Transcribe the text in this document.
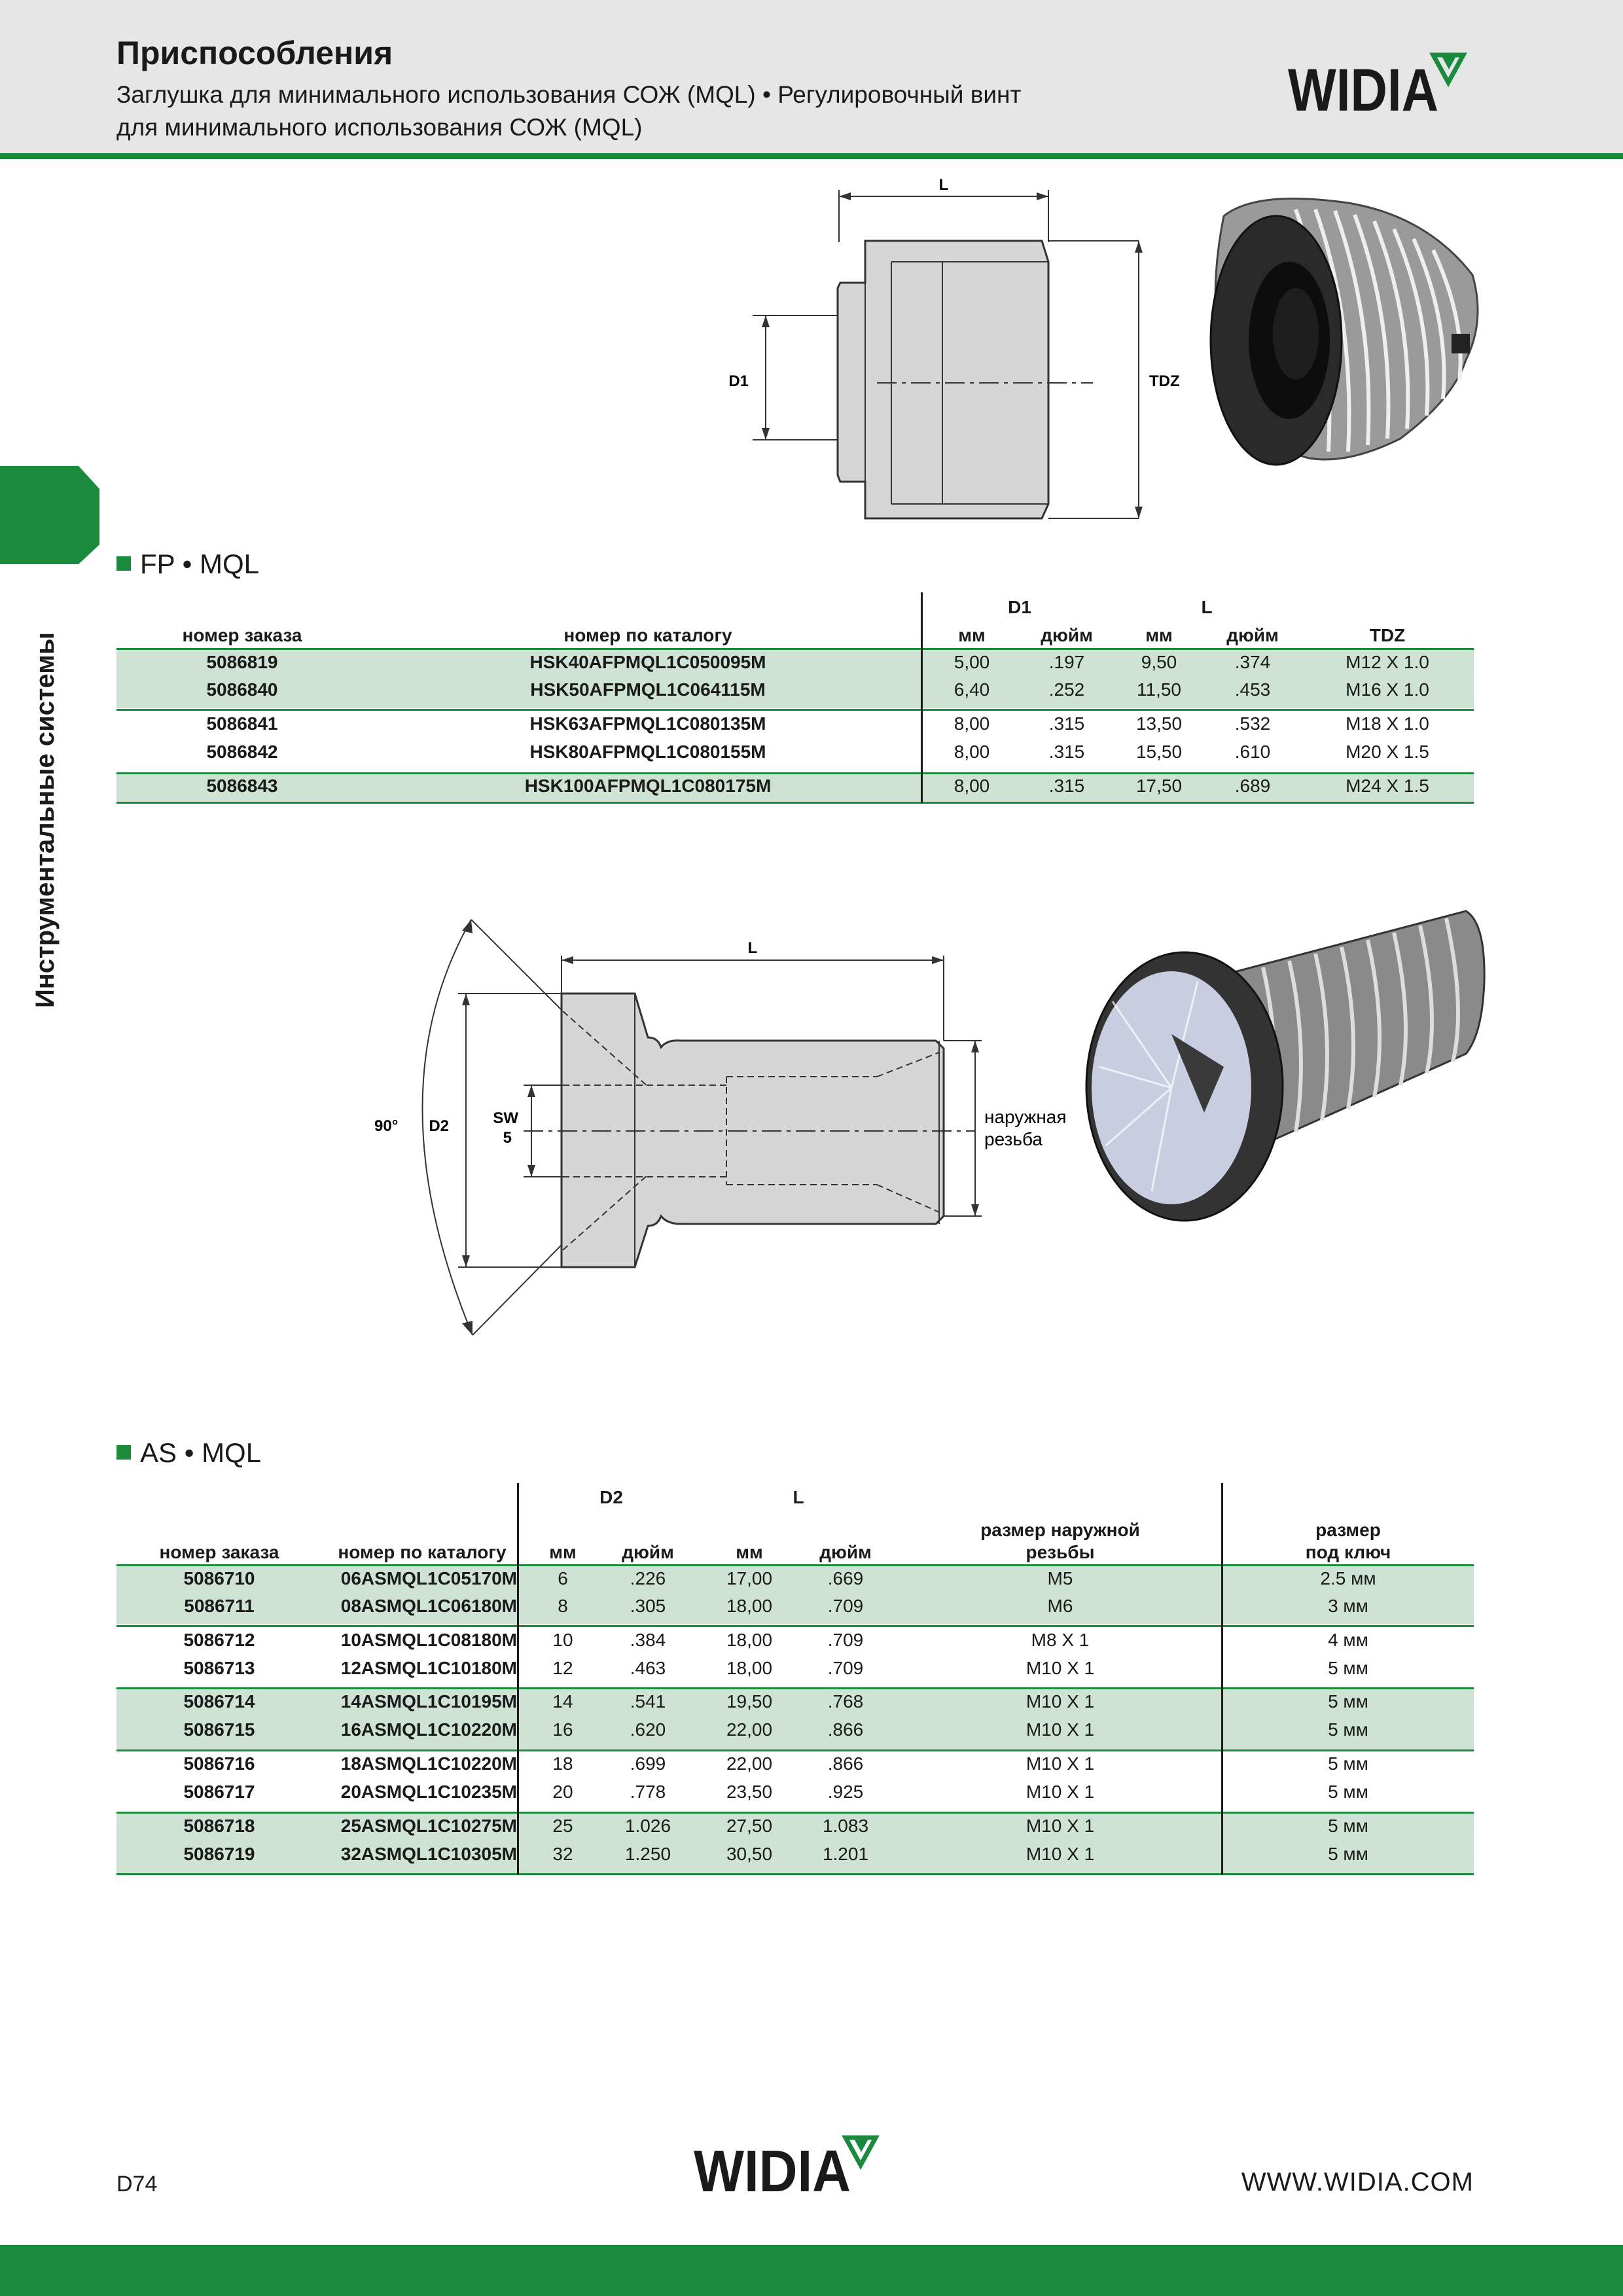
Приспособления
Заглушка для минимального использования СОЖ (MQL) • Регулировочный винт
для минимального использования СОЖ (MQL)
WIDIA
Инструментальные системы
L
D1	TDZ
FP • MQL
D1	L
номер заказа	номер по каталогу	мм	дюйм	мм	дюйм	TDZ
5086819	HSK40AFPMQL1C050095M	5,00	.197	9,50	.374	M12 X 1.0
5086840	HSK50AFPMQL1C064115M	6,40	.252	11,50	.453	M16 X 1.0
5086841	HSK63AFPMQL1C080135M	8,00	.315	13,50	.532	M18 X 1.0
5086842	HSK80AFPMQL1C080155M	8,00	.315	15,50	.610	M20 X 1.5
5086843	HSK100AFPMQL1C080175M	8,00	.315	17,50	.689	M24 X 1.5
90°
L
D2	SW
5
наружная
резьба
AS • MQL
D2	L
размер наружной
резьбы
размер
под ключ
номер заказа	номер по каталогу	мм	дюйм	мм	дюйм
5086710	06ASMQL1C05170M	6	.226	17,00	.669	M5	2.5 мм
5086711	08ASMQL1C06180M	8	.305	18,00	.709	M6	3 мм
5086712	10ASMQL1C08180M	10	.384	18,00	.709	M8 X 1	4 мм
5086713	12ASMQL1C10180M	12	.463	18,00	.709	M10 X 1	5 мм
5086714	14ASMQL1C10195M	14	.541	19,50	.768	M10 X 1	5 мм
5086715	16ASMQL1C10220M	16	.620	22,00	.866	M10 X 1	5 мм
5086716	18ASMQL1C10220M	18	.699	22,00	.866	M10 X 1	5 мм
5086717	20ASMQL1C10235M	20	.778	23,50	.925	M10 X 1	5 мм
5086718	25ASMQL1C10275M	25	1.026	27,50	1.083	M10 X 1	5 мм
5086719	32ASMQL1C10305M	32	1.250	30,50	1.201	M10 X 1	5 мм
D74	WIDIA	WWW.WIDIA.COM
